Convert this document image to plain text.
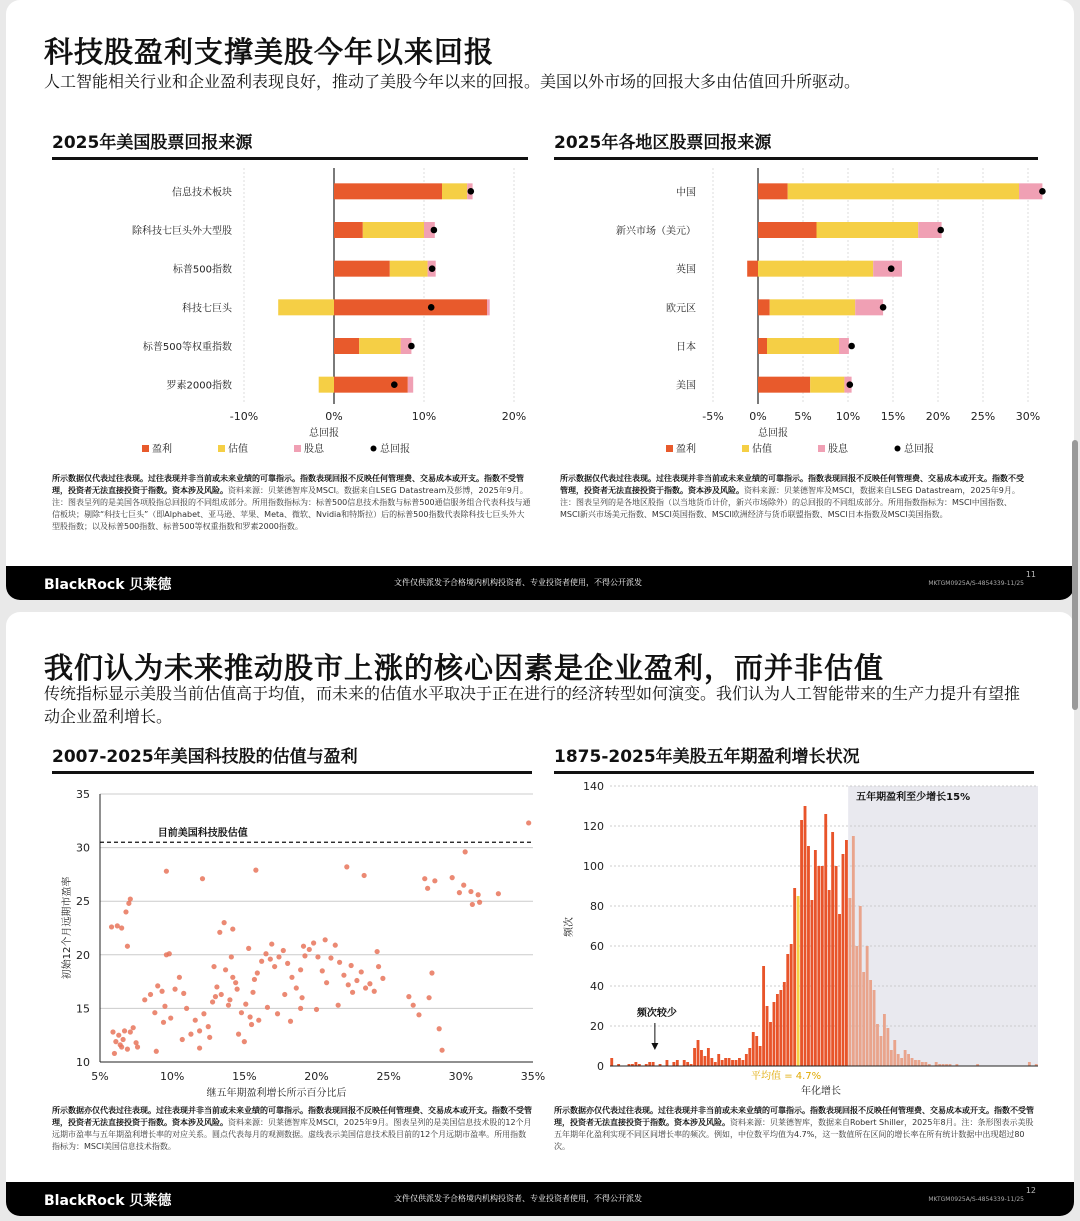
科技股盈利支撑美股今年以来回报
人工智能相关行业和企业盈利表现良好，推动了美股今年以来的回报。美国以外市场的回报大多由估值回升所驱动。
2025年美国股票回报来源	2025年各地区股票回报来源
-10%	0%	10%	20%
总回报
信息技术板块
除科技七巨头外大型股
标普500指数
科技七巨头
标普500等权重指数
罗素2000指数
盈利	估值	股息	总回报
-5% 0%	5% 10% 15% 20% 25% 30%
总回报
中国
新兴市场（美元）
英国
欧元区
日本
美国
盈利	估值	股息	总回报
所示数据仅代表过往表现。过往表现并非当前或未来业绩的可靠指示。指数表现回报不反映任何管理费、交易成本或开支。指数不受管理，投资者无法直接投资于指数。资本涉及风险。资料来源：贝莱德智库及MSCI。数据来自LSEG Datastream及彭博，2025年9月。注：图表呈列的是美国各项股指总回报的不同组成部分。所用指数指标为：标普500信息技术指数与标普500通信服务组合代表科技与通信板块；剔除“科技七巨头”（即Alphabet、亚马逊、苹果、Meta、微软、Nvidia和特斯拉）后的标普500指数代表除科技七巨头外大型股指数；以及标普500指数、标普500等权重指数和罗素2000指数。
所示数据仅代表过往表现。过往表现并非当前或未来业绩的可靠指示。指数表现回报不反映任何管理费、交易成本或开支。指数不受管理，投资者无法直接投资于指数。资本涉及风险。资料来源：贝莱德智库及MSCI，数据来自LSEG Datastream，2025年9月。注：图表呈列的是各地区股指（以当地货币计价，新兴市场除外）的总回报的不同组成部分。所用指数指标为：MSCI中国指数、MSCI新兴市场美元指数、MSCI英国指数、MSCI欧洲经济与货币联盟指数、MSCI日本指数及MSCI美国指数。
BlackRock 贝莱德	文件仅供派发予合格境内机构投资者、专业投资者使用，不得公开派发	MKTGM0925A/S-4854339-11/25
11
我们认为未来推动股市上涨的核心因素是企业盈利，而并非估值
传统指标显示美股当前估值高于均值，而未来的估值水平取决于正在进行的经济转型如何演变。我们认为人工智能带来的生产力提升有望推动企业盈利增长。
2007-2025年美国科技股的估值与盈利	1875-2025年美股五年期盈利增长状况
10
15
20
25
30
35
5%	10%	15%	20%	25%	30%	35%
继五年期盈利增长所示百分比后
初始12个月远期市盈率
目前美国科技股估值
五年期盈利至少增长15%
0
20
40
60
80
100
120
140
频次
平均值 = 4.7%
年化增长
频次较少
所示数据亦仅代表过往表现。过往表现并非当前或未来业绩的可靠指示。指数表现回报不反映任何管理费、交易成本或开支。指数不受管理，投资者无法直接投资于指数。资本涉及风险。资料来源：贝莱德智库及MSCI，2025年9月。图表呈列的是美国信息技术股的12个月远期市盈率与五年期盈利增长率的对应关系。圆点代表每月的观测数据。虚线表示美国信息技术股目前的12个月远期市盈率。所用指数指标为：MSCI美国信息技术指数。
所示数据亦仅代表过往表现。过往表现并非当前或未来业绩的可靠指示。指数表现回报不反映任何管理费、交易成本或开支。指数不受管理，投资者无法直接投资于指数。资本涉及风险。资料来源：贝莱德智库，数据来自Robert Shiller，2025年8月。注：条形图表示美股五年期年化盈利实现不同区间增长率的频次。例如，中位数平均值为4.7%，这一数值所在区间的增长率在所有统计数据中出现超过80次。
BlackRock 贝莱德	文件仅供派发予合格境内机构投资者、专业投资者使用，不得公开派发	MKTGM0925A/S-4854339-11/25
12
